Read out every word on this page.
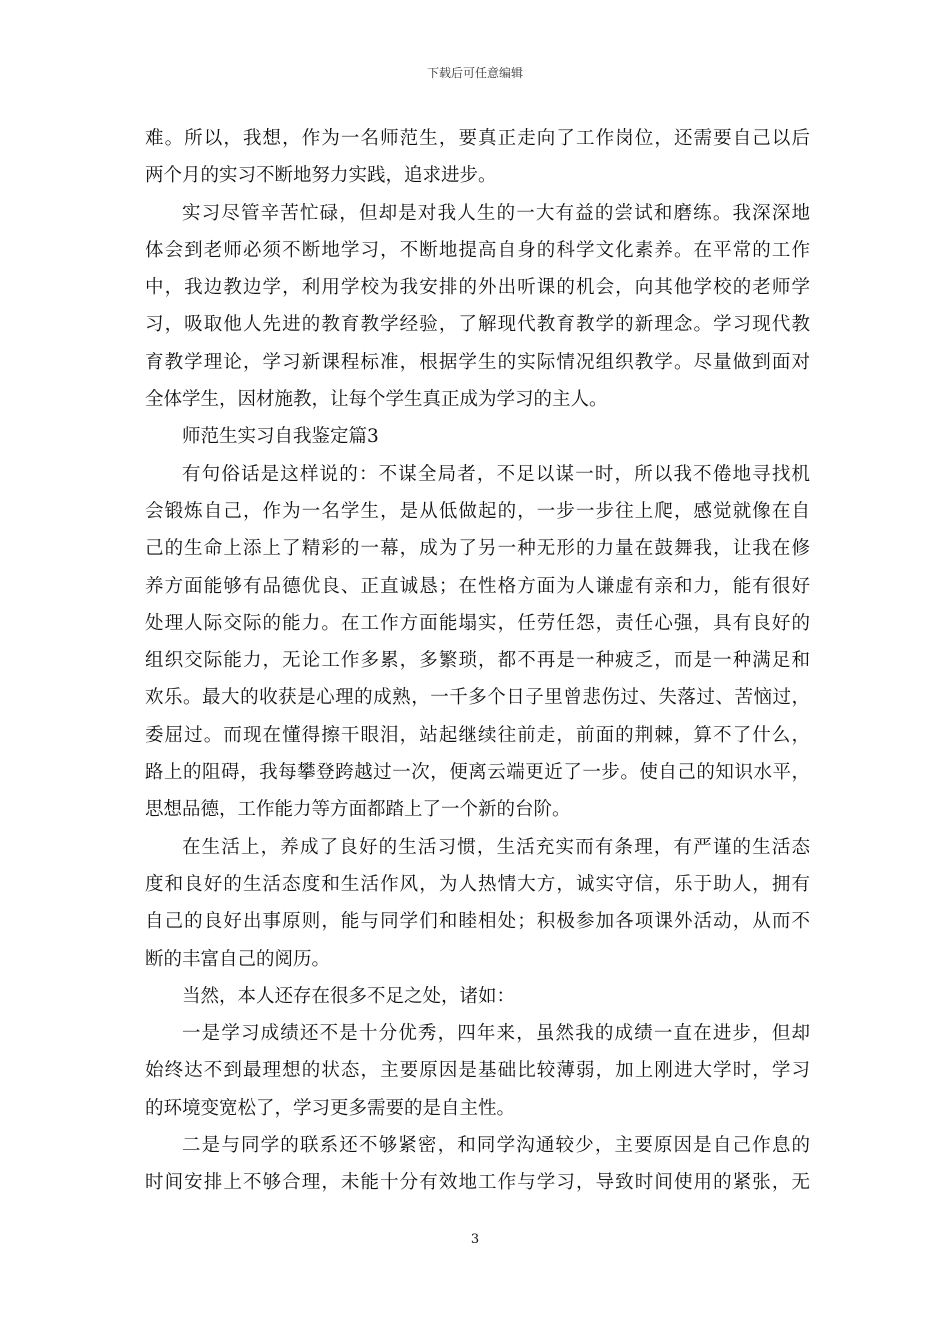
下载后可任意编辑
难。所以，我想，作为一名师范生，要真正走向了工作岗位，还需要自己以后
两个月的实习不断地努力实践，追求进步。
实习尽管辛苦忙碌，但却是对我人生的一大有益的尝试和磨练。我深深地
体会到老师必须不断地学习，不断地提高自身的科学文化素养。在平常的工作
中，我边教边学，利用学校为我安排的外出听课的机会，向其他学校的老师学
习，吸取他人先进的教育教学经验，了解现代教育教学的新理念。学习现代教
育教学理论，学习新课程标准，根据学生的实际情况组织教学。尽量做到面对
全体学生，因材施教，让每个学生真正成为学习的主人。
师范生实习自我鉴定篇3
有句俗话是这样说的：不谋全局者，不足以谋一时，所以我不倦地寻找机
会锻炼自己，作为一名学生，是从低做起的，一步一步往上爬，感觉就像在自
己的生命上添上了精彩的一幕，成为了另一种无形的力量在鼓舞我，让我在修
养方面能够有品德优良、正直诚恳；在性格方面为人谦虚有亲和力，能有很好
处理人际交际的能力。在工作方面能塌实，任劳任怨，责任心强，具有良好的
组织交际能力，无论工作多累，多繁琐，都不再是一种疲乏，而是一种满足和
欢乐。最大的收获是心理的成熟，一千多个日子里曾悲伤过、失落过、苦恼过，
委屈过。而现在懂得擦干眼泪，站起继续往前走，前面的荆棘，算不了什么，
路上的阻碍，我每攀登跨越过一次，便离云端更近了一步。使自己的知识水平，
思想品德，工作能力等方面都踏上了一个新的台阶。
在生活上，养成了良好的生活习惯，生活充实而有条理，有严谨的生活态
度和良好的生活态度和生活作风，为人热情大方，诚实守信，乐于助人，拥有
自己的良好出事原则，能与同学们和睦相处；积极参加各项课外活动，从而不
断的丰富自己的阅历。
当然，本人还存在很多不足之处，诸如：
一是学习成绩还不是十分优秀，四年来，虽然我的成绩一直在进步，但却
始终达不到最理想的状态，主要原因是基础比较薄弱，加上刚进大学时，学习
的环境变宽松了，学习更多需要的是自主性。
二是与同学的联系还不够紧密，和同学沟通较少，主要原因是自己作息的
时间安排上不够合理，未能十分有效地工作与学习，导致时间使用的紧张，无
3
